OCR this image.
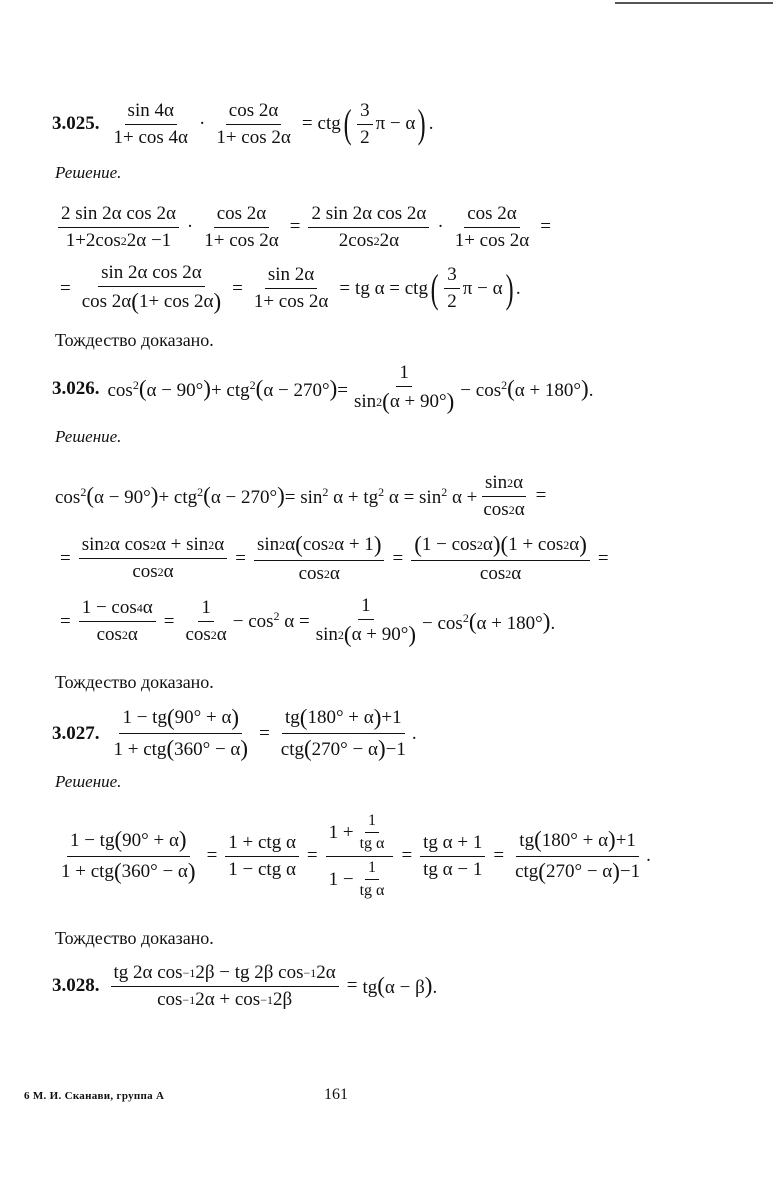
3.025. $\frac{\sin 4\alpha}{1+ \cos 4\alpha} \cdot \frac{\cos 2\alpha}{1+ \cos 2\alpha}$ = ctg ( $\frac{3}{2}$ π − α ) .
Решение.
$\frac{\text{2 sin 2α cos 2α}}{1+2\cos 2 2\alpha -1} \cdot \frac{\cos 2\alpha}{1+ \cos 2\alpha} = \frac{\text{2 sin 2α cos 2α}}{2\cos 2 2\alpha} \cdot \frac{\cos 2\alpha}{1+ \cos 2\alpha}$ =
= $\frac{\text{sin 2α cos 2α}}{\cos 2\alpha ( 1+ \cos 2\alpha )} = \frac{\sin 2\alpha}{1+ \cos 2\alpha}$ = tg α = ctg ( $\frac{3}{2}$ π − α ) .
Тождество доказано.
3.026. $\cos^2(\alpha - 90^\circ)+ ctg^2(\alpha - 270^\circ)= \frac{1}{\sin 2 ( \alpha + 90^\circ )} - \cos^2(\alpha + 180^\circ)$.
Решение.
$\cos^2(\alpha - 90^\circ)+ ctg^2(\alpha - 270^\circ)= \sin^2 \alpha + tg^2$ $\alpha = \sin^2 \alpha + \frac{\sin 2 \alpha}{\cos 2 \alpha}$ =
= $\frac{\text{sin 2 α cos 2 α + sin 2 α}}{\cos 2 \alpha} = \frac{\sin 2 \alpha ( \cos 2 \alpha + 1 )}{\cos 2 \alpha} = \frac{( 1 - \cos 2 \alpha )( 1 + \cos 2 \alpha )}{\cos 2 \alpha}$ =
= $\frac{1 - \cos 4 \alpha}{\cos 2 \alpha} = \frac{1}{\cos 2 \alpha} - \cos^2 \alpha = \frac{1}{\sin 2 ( \alpha + 90^\circ )} - \cos^2(\alpha + 180^\circ)$.
Тождество доказано.
3.027. $\frac{1 - tg ( 90^\circ + \alpha )}{\text{1 + ctg ( 360° − α )}} = \frac{tg ( 180^\circ + \alpha ) +1}{\text{ctg ( 270° − α ) −1}}$ .
Решение.
$\frac{1 - tg ( 90^\circ + \alpha )}{\text{1 + ctg ( 360° − α )}} = \frac{\text{1 + ctg α}}{\text{1 − ctg α}} = \frac{1 + \frac{1}{\text{tg α}}}{1 - \frac{1}{\text{tg α}}} = \frac{\text{tg α + 1}}{\text{tg α − 1}} = \frac{tg ( 180^\circ + \alpha ) +1}{\text{ctg ( 270° − α ) −1}}$ .
Тождество доказано.
3.028. $\frac{\text{tg 2α cos −1 2β − tg 2β cos −1 2α}}{\cos -1 2\alpha + \cos -1 2\beta} = tg(\alpha - \beta)$.
6 М. И. Сканави, группа А	161
